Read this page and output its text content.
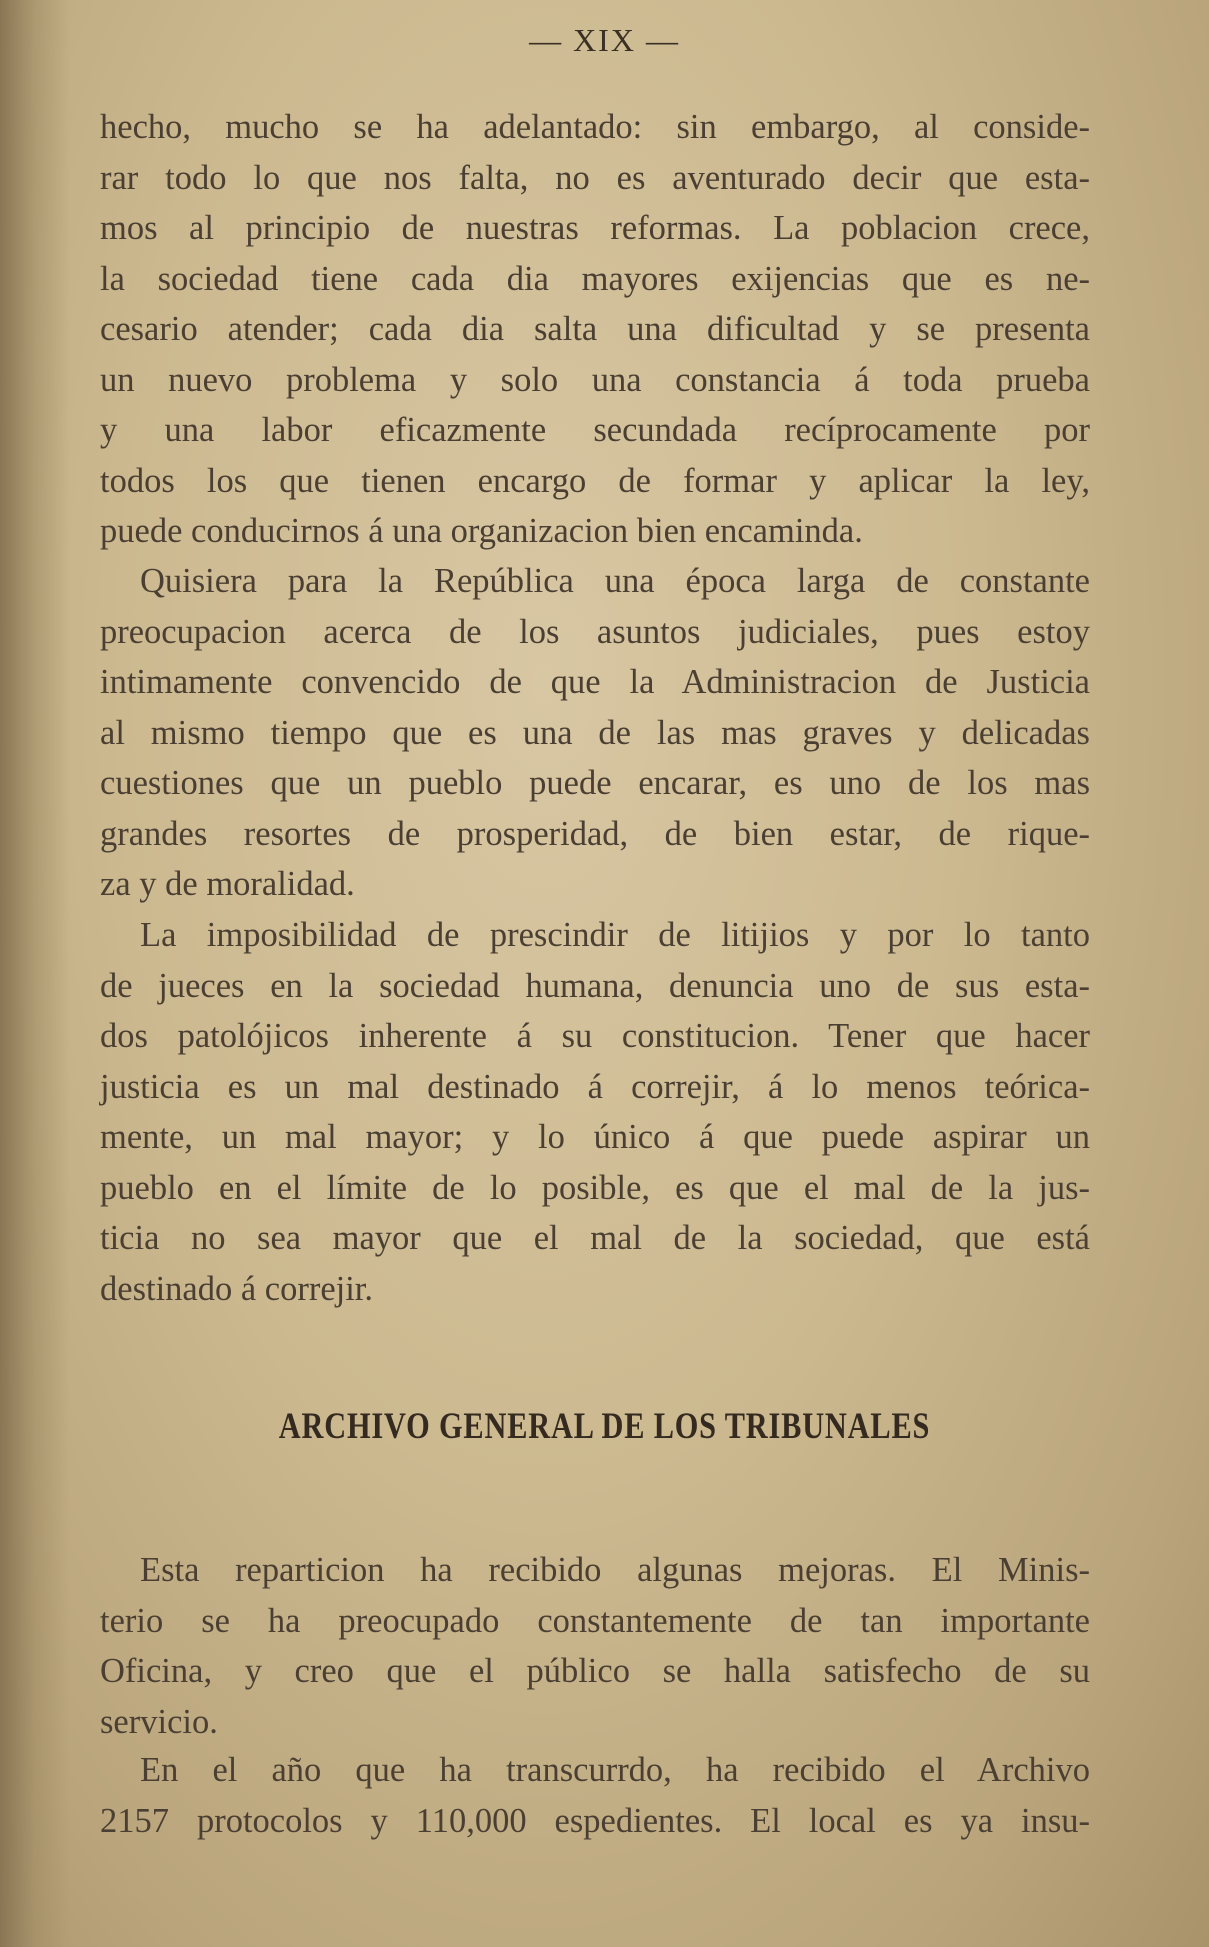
— XIX —

hecho, mucho se ha adelantado: sin embargo, al conside-
rar todo lo que nos falta, no es aventurado decir que esta-
mos al principio de nuestras reformas. La poblacion crece,
la sociedad tiene cada dia mayores exijencias que es ne-
cesario atender; cada dia salta una dificultad y se presenta
un nuevo problema y solo una constancia á toda prueba
y una labor eficazmente secundada recíprocamente por
todos los que tienen encargo de formar y aplicar la ley,
puede conducirnos á una organizacion bien encaminda.

Quisiera para la República una época larga de constante
preocupacion acerca de los asuntos judiciales, pues estoy
intimamente convencido de que la Administracion de Justicia
al mismo tiempo que es una de las mas graves y delicadas
cuestiones que un pueblo puede encarar, es uno de los mas
grandes resortes de prosperidad, de bien estar, de rique-
za y de moralidad.

La imposibilidad de prescindir de litijios y por lo tanto
de jueces en la sociedad humana, denuncia uno de sus esta-
dos patolójicos inherente á su constitucion. Tener que hacer
justicia es un mal destinado á correjir, á lo menos teórica-
mente, un mal mayor; y lo único á que puede aspirar un
pueblo en el límite de lo posible, es que el mal de la jus-
ticia no sea mayor que el mal de la sociedad, que está
destinado á correjir.

ARCHIVO GENERAL DE LOS TRIBUNALES

Esta reparticion ha recibido algunas mejoras. El Minis-
terio se ha preocupado constantemente de tan importante
Oficina, y creo que el público se halla satisfecho de su
servicio.

En el año que ha transcurrdo, ha recibido el Archivo
2157 protocolos y 110,000 espedientes. El local es ya insu-
